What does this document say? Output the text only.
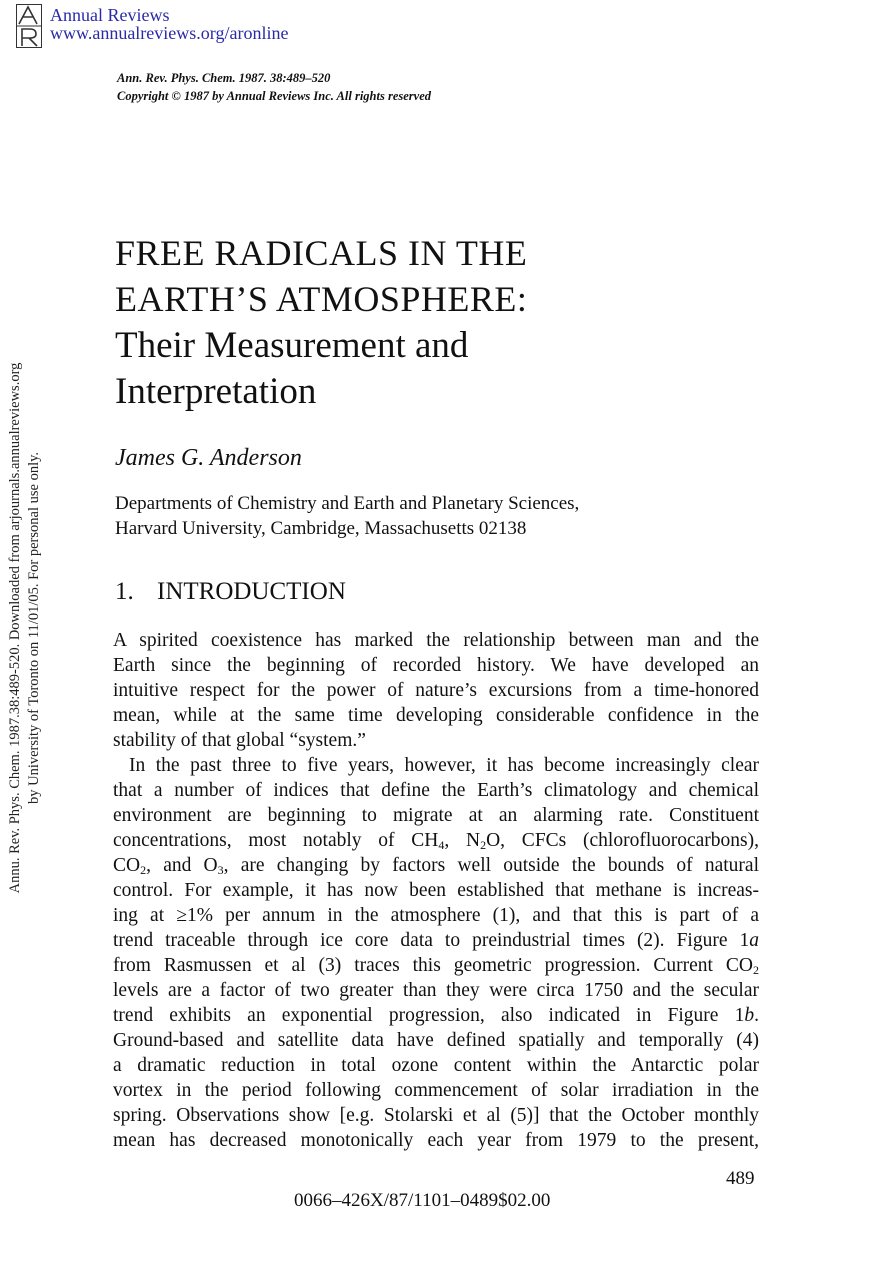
Annual Reviews
www.annualreviews.org/aronline
Ann. Rev. Phys. Chem. 1987. 38:489–520
Copyright © 1987 by Annual Reviews Inc. All rights reserved
Annu. Rev. Phys. Chem. 1987.38:489-520. Downloaded from arjournals.annualreviews.org by University of Toronto on 11/01/05. For personal use only.
FREE RADICALS IN THE
EARTH’S ATMOSPHERE:
Their Measurement and
Interpretation
James G. Anderson
Departments of Chemistry and Earth and Planetary Sciences,
Harvard University, Cambridge, Massachusetts 02138
1. INTRODUCTION
A spirited coexistence has marked the relationship between man and the
Earth since the beginning of recorded history. We have developed an
intuitive respect for the power of nature’s excursions from a time-honored
mean, while at the same time developing considerable confidence in the
stability of that global “system.”
In the past three to five years, however, it has become increasingly clear
that a number of indices that define the Earth’s climatology and chemical
environment are beginning to migrate at an alarming rate. Constituent
concentrations, most notably of $CH_4$, $N_2O$, CFCs (chlorofluorocarbons),
$CO_2$, and $O_3$, are changing by factors well outside the bounds of natural
control. For example, it has now been established that methane is increas-
ing at ≥1% per annum in the atmosphere (1), and that this is part of a
trend traceable through ice core data to preindustrial times (2). Figure 1a
from Rasmussen et al (3) traces this geometric progression. Current $CO_2$
levels are a factor of two greater than they were circa 1750 and the secular
trend exhibits an exponential progression, also indicated in Figure 1b.
Ground-based and satellite data have defined spatially and temporally (4)
a dramatic reduction in total ozone content within the Antarctic polar
vortex in the period following commencement of solar irradiation in the
spring. Observations show [e.g. Stolarski et al (5)] that the October monthly
mean has decreased monotonically each year from 1979 to the present,
489
0066–426X/87/1101–0489$02.00
